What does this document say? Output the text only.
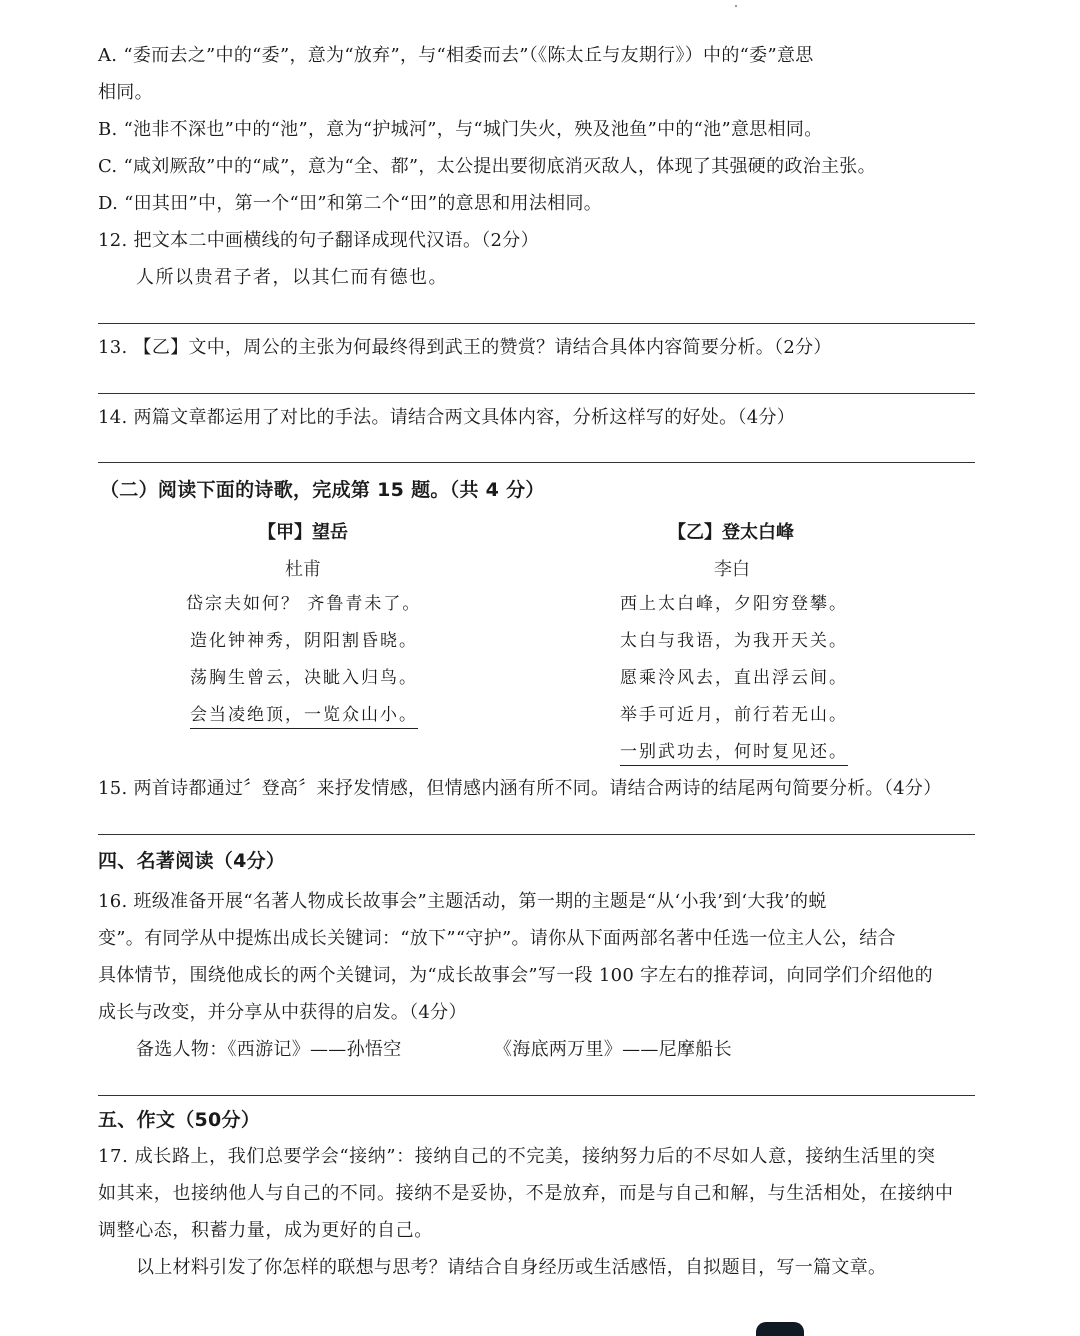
A. “委而去之”中的“委”，意为“放弃”，与“相委而去”（《陈太丘与友期行》）中的“委”意思
相同。
B. “池非不深也”中的“池”，意为“护城河”，与“城门失火，殃及池鱼”中的“池”意思相同。
C. “咸刘厥敌”中的“咸”，意为“全、都”，太公提出要彻底消灭敌人，体现了其强硬的政治主张。
D. “田其田”中，第一个“田”和第二个“田”的意思和用法相同。
12. 把文本二中画横线的句子翻译成现代汉语。（2分）
人所以贵君子者，以其仁而有德也。
13. 【乙】文中，周公的主张为何最终得到武王的赞赏？请结合具体内容简要分析。（2分）
14. 两篇文章都运用了对比的手法。请结合两文具体内容，分析这样写的好处。（4分）
（二）阅读下面的诗歌，完成第 15 题。（共 4 分）
【甲】望岳
杜甫
岱宗夫如何？ 齐鲁青未了。
造化钟神秀，阴阳割昏晓。
荡胸生曾云，决眦入归鸟。
会当凌绝顶，一览众山小。
【乙】登太白峰
李白
西上太白峰，夕阳穷登攀。
太白与我语，为我开天关。
愿乘泠风去，直出浮云间。
举手可近月，前行若无山。
一别武功去，何时复见还。
15. 两首诗都通过〞登高〞来抒发情感，但情感内涵有所不同。请结合两诗的结尾两句简要分析。（4分）
四、名著阅读（4分）
16. 班级准备开展“名著人物成长故事会”主题活动，第一期的主题是“从‘小我’到‘大我’的蜕
变”。有同学从中提炼出成长关键词：“放下”“守护”。请你从下面两部名著中任选一位主人公，结合
具体情节，围绕他成长的两个关键词，为“成长故事会”写一段 100 字左右的推荐词，向同学们介绍他的
成长与改变，并分享从中获得的启发。（4分）
备选人物：《西游记》——孙悟空	《海底两万里》——尼摩船长
五、作文（50分）
17. 成长路上，我们总要学会“接纳”：接纳自己的不完美，接纳努力后的不尽如人意，接纳生活里的突
如其来，也接纳他人与自己的不同。接纳不是妥协，不是放弃，而是与自己和解，与生活相处，在接纳中
调整心态，积蓄力量，成为更好的自己。
以上材料引发了你怎样的联想与思考？请结合自身经历或生活感悟，自拟题目，写一篇文章。
